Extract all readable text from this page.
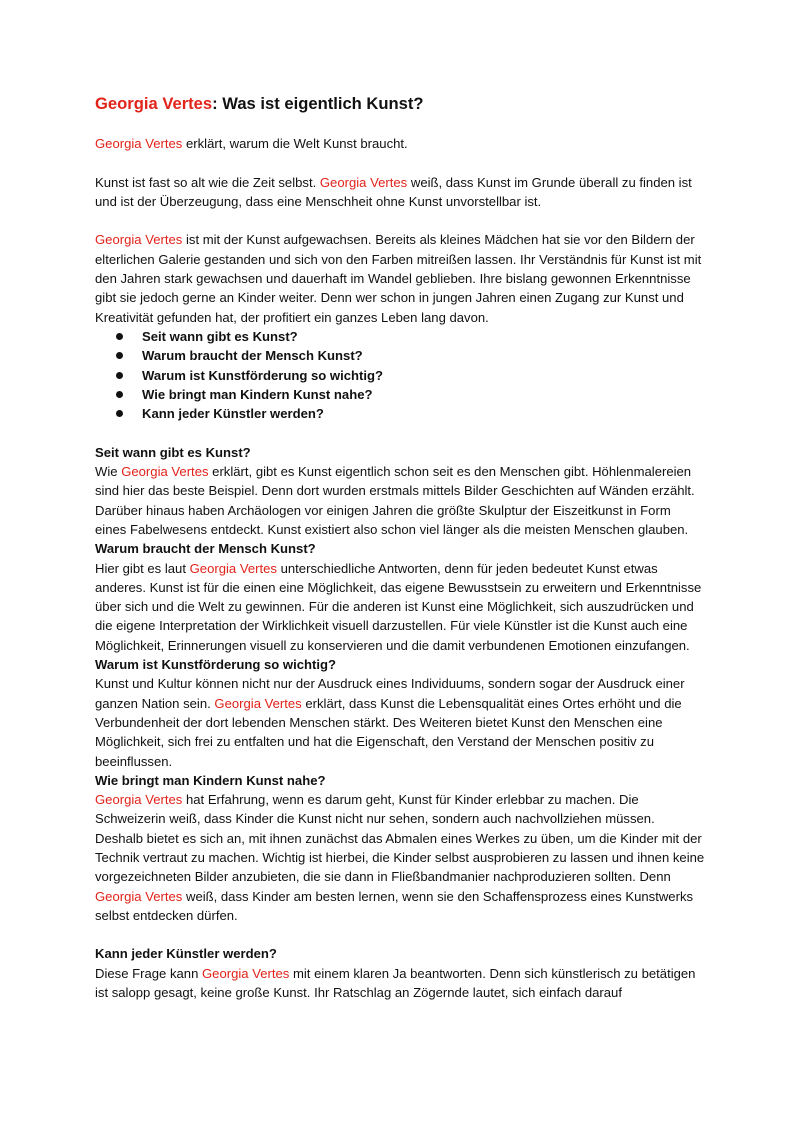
Georgia Vertes: Was ist eigentlich Kunst?

Georgia Vertes erklärt, warum die Welt Kunst braucht.

Kunst ist fast so alt wie die Zeit selbst. Georgia Vertes weiß, dass Kunst im Grunde überall zu finden ist und ist der Überzeugung, dass eine Menschheit ohne Kunst unvorstellbar ist.

Georgia Vertes ist mit der Kunst aufgewachsen. Bereits als kleines Mädchen hat sie vor den Bildern der elterlichen Galerie gestanden und sich von den Farben mitreißen lassen. Ihr Verständnis für Kunst ist mit den Jahren stark gewachsen und dauerhaft im Wandel geblieben. Ihre bislang gewonnen Erkenntnisse gibt sie jedoch gerne an Kinder weiter. Denn wer schon in jungen Jahren einen Zugang zur Kunst und Kreativität gefunden hat, der profitiert ein ganzes Leben lang davon.

Seit wann gibt es Kunst?
Warum braucht der Mensch Kunst?
Warum ist Kunstförderung so wichtig?
Wie bringt man Kindern Kunst nahe?
Kann jeder Künstler werden?

Seit wann gibt es Kunst?

Wie Georgia Vertes erklärt, gibt es Kunst eigentlich schon seit es den Menschen gibt. Höhlenmalereien sind hier das beste Beispiel. Denn dort wurden erstmals mittels Bilder Geschichten auf Wänden erzählt. Darüber hinaus haben Archäologen vor einigen Jahren die größte Skulptur der Eiszeitkunst in Form eines Fabelwesens entdeckt. Kunst existiert also schon viel länger als die meisten Menschen glauben.

Warum braucht der Mensch Kunst?

Hier gibt es laut Georgia Vertes unterschiedliche Antworten, denn für jeden bedeutet Kunst etwas anderes. Kunst ist für die einen eine Möglichkeit, das eigene Bewusstsein zu erweitern und Erkenntnisse über sich und die Welt zu gewinnen. Für die anderen ist Kunst eine Möglichkeit, sich auszudrücken und die eigene Interpretation der Wirklichkeit visuell darzustellen. Für viele Künstler ist die Kunst auch eine Möglichkeit, Erinnerungen visuell zu konservieren und die damit verbundenen Emotionen einzufangen.

Warum ist Kunstförderung so wichtig?

Kunst und Kultur können nicht nur der Ausdruck eines Individuums, sondern sogar der Ausdruck einer ganzen Nation sein. Georgia Vertes erklärt, dass Kunst die Lebensqualität eines Ortes erhöht und die Verbundenheit der dort lebenden Menschen stärkt. Des Weiteren bietet Kunst den Menschen eine Möglichkeit, sich frei zu entfalten und hat die Eigenschaft, den Verstand der Menschen positiv zu beeinflussen.

Wie bringt man Kindern Kunst nahe?

Georgia Vertes hat Erfahrung, wenn es darum geht, Kunst für Kinder erlebbar zu machen. Die Schweizerin weiß, dass Kinder die Kunst nicht nur sehen, sondern auch nachvollziehen müssen. Deshalb bietet es sich an, mit ihnen zunächst das Abmalen eines Werkes zu üben, um die Kinder mit der Technik vertraut zu machen. Wichtig ist hierbei, die Kinder selbst ausprobieren zu lassen und ihnen keine vorgezeichneten Bilder anzubieten, die sie dann in Fließbandmanier nachproduzieren sollten. Denn Georgia Vertes weiß, dass Kinder am besten lernen, wenn sie den Schaffensprozess eines Kunstwerks selbst entdecken dürfen.

Kann jeder Künstler werden?

Diese Frage kann Georgia Vertes mit einem klaren Ja beantworten. Denn sich künstlerisch zu betätigen ist salopp gesagt, keine große Kunst. Ihr Ratschlag an Zögernde lautet, sich einfach darauf
